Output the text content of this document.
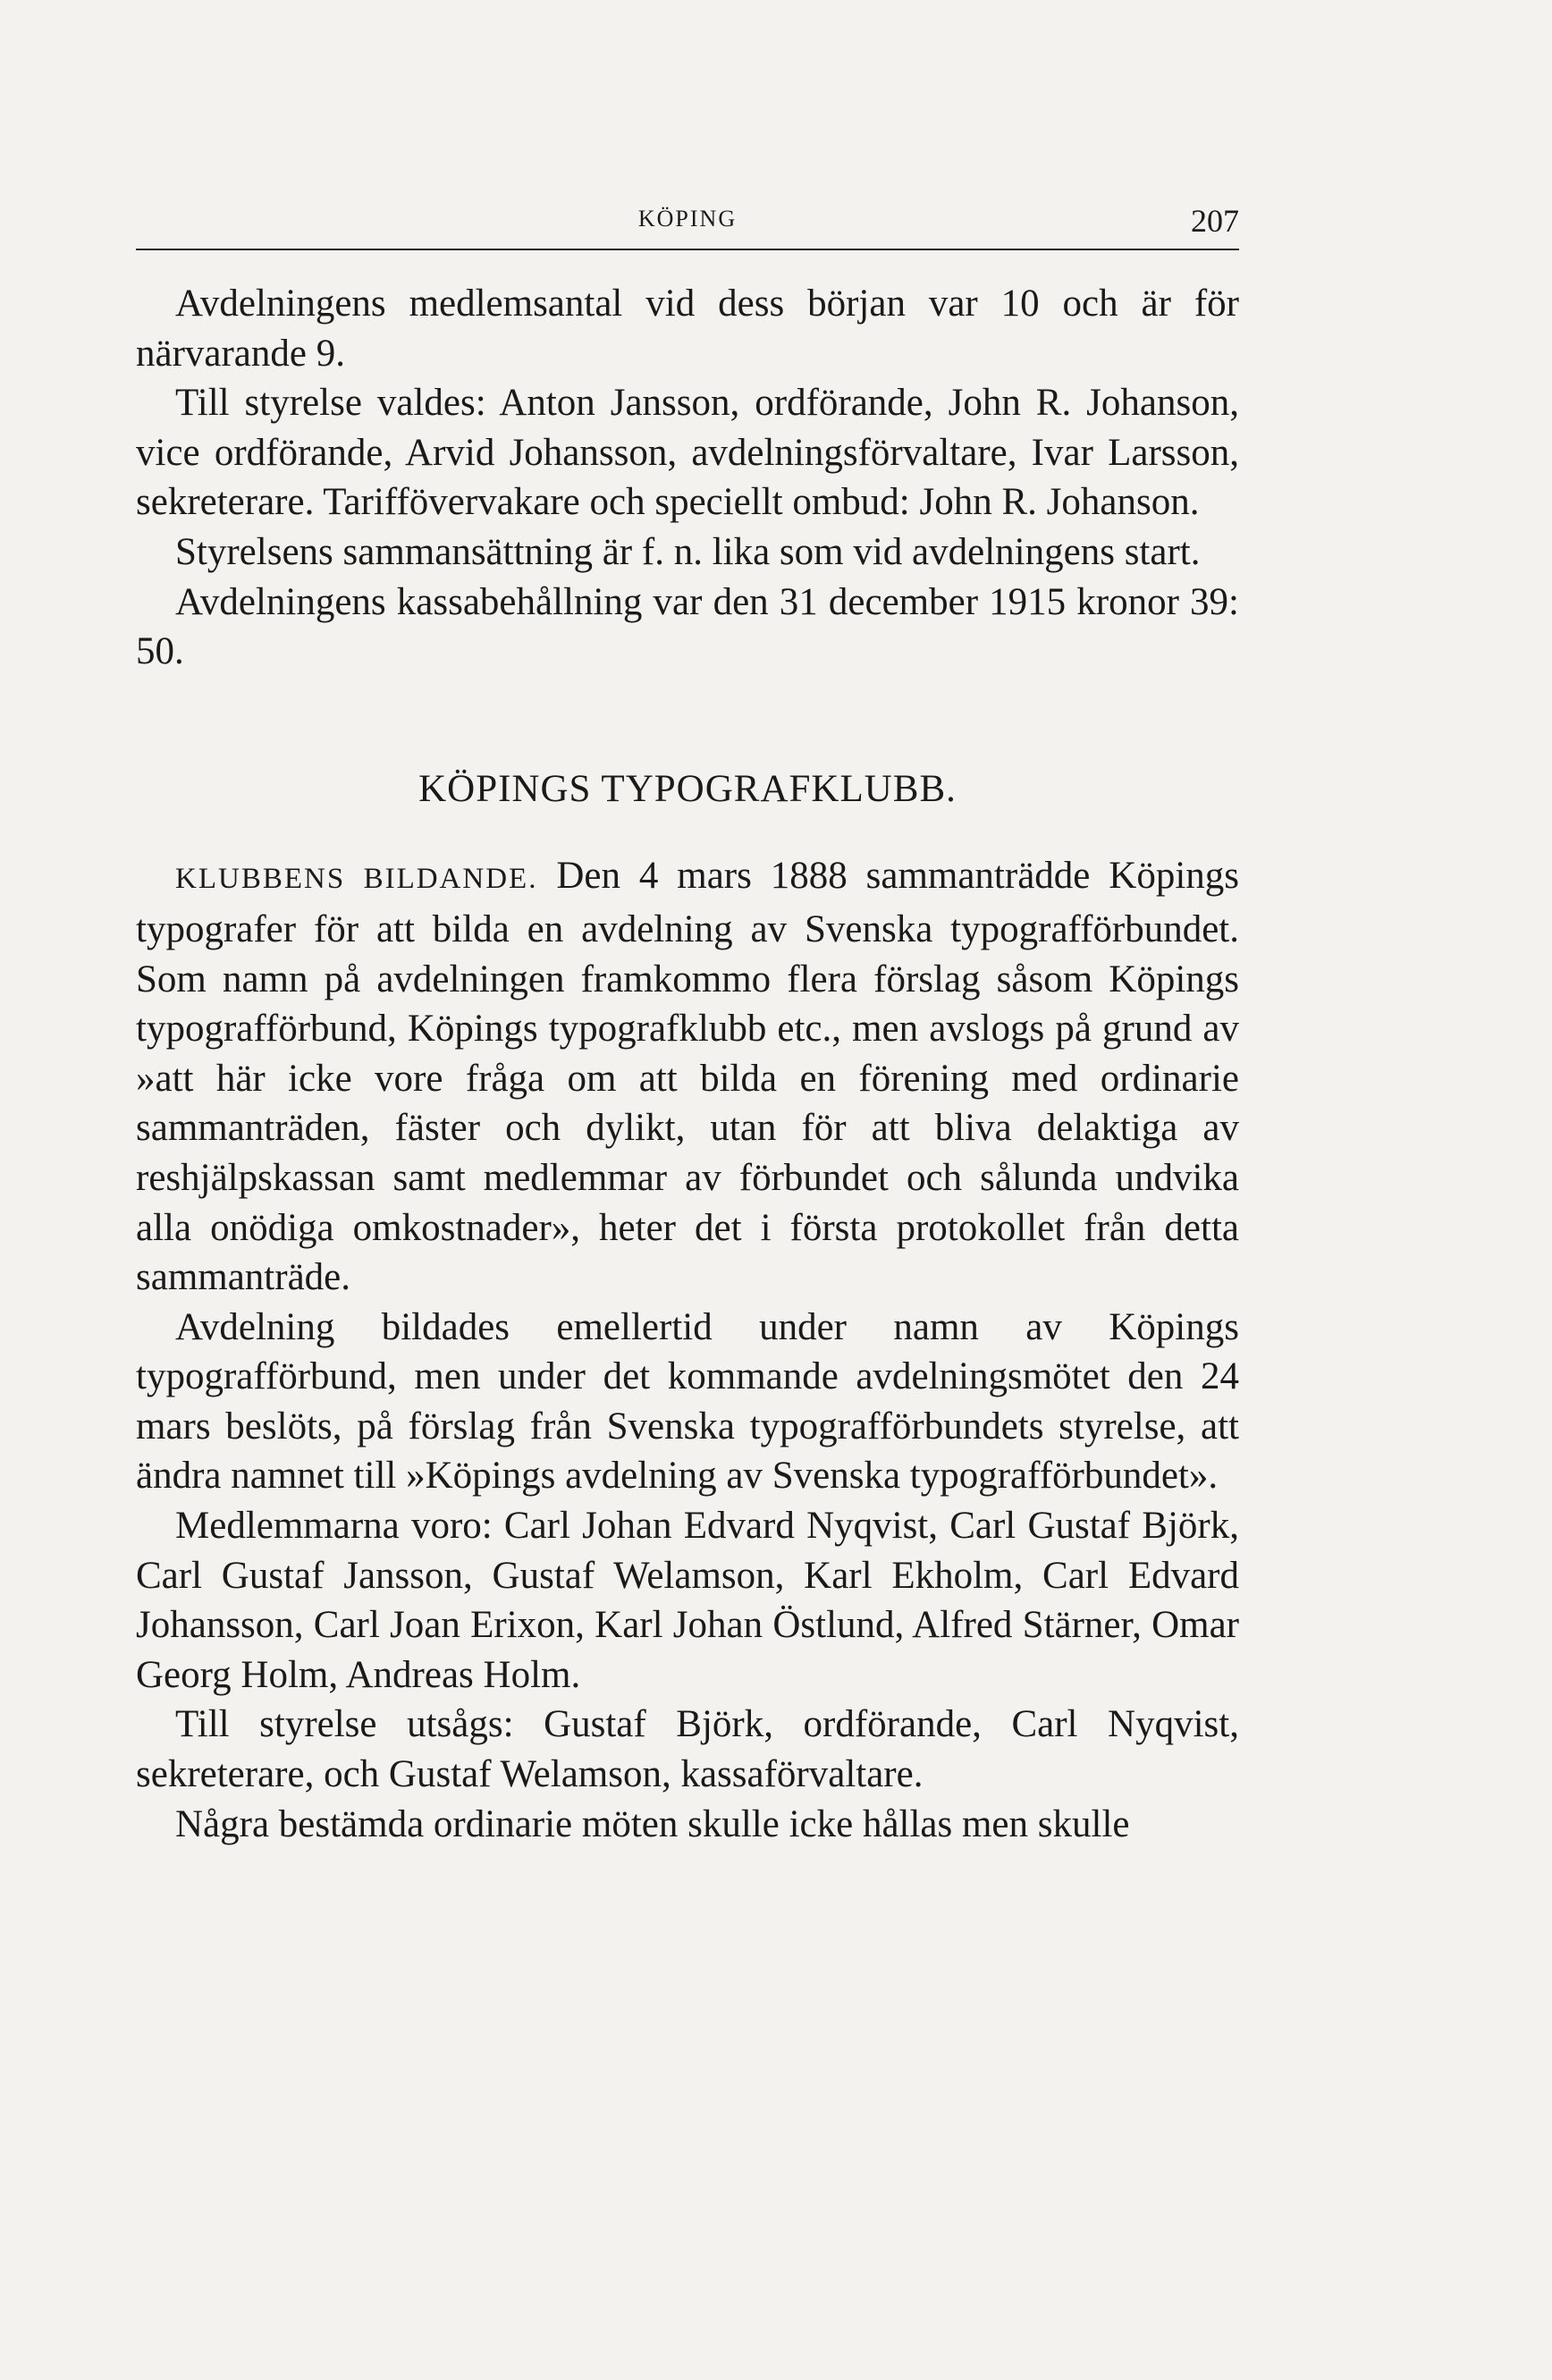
KÖPING	207

Avdelningens medlemsantal vid dess början var 10 och är för närvarande 9.

Till styrelse valdes: Anton Jansson, ordförande, John R. Johanson, vice ordförande, Arvid Johansson, avdelningsförvaltare, Ivar Larsson, sekreterare. Tariffövervakare och speciellt ombud: John R. Johanson.

Styrelsens sammansättning är f. n. lika som vid avdelningens start.

Avdelningens kassabehållning var den 31 december 1915 kronor 39: 50.

KÖPINGS TYPOGRAFKLUBB.

KLUBBENS BILDANDE. Den 4 mars 1888 sammanträdde Köpings typografer för att bilda en avdelning av Svenska typografförbundet. Som namn på avdelningen framkommo flera förslag såsom Köpings typografförbund, Köpings typografklubb etc., men avslogs på grund av »att här icke vore fråga om att bilda en förening med ordinarie sammanträden, fäster och dylikt, utan för att bliva delaktiga av reshjälpskassan samt medlemmar av förbundet och sålunda undvika alla onödiga omkostnader», heter det i första protokollet från detta sammanträde.

Avdelning bildades emellertid under namn av Köpings typografförbund, men under det kommande avdelningsmötet den 24 mars beslöts, på förslag från Svenska typografförbundets styrelse, att ändra namnet till »Köpings avdelning av Svenska typografförbundet».

Medlemmarna voro: Carl Johan Edvard Nyqvist, Carl Gustaf Björk, Carl Gustaf Jansson, Gustaf Welamson, Karl Ekholm, Carl Edvard Johansson, Carl Joan Erixon, Karl Johan Östlund, Alfred Stärner, Omar Georg Holm, Andreas Holm.

Till styrelse utsågs: Gustaf Björk, ordförande, Carl Nyqvist, sekreterare, och Gustaf Welamson, kassaförvaltare.

Några bestämda ordinarie möten skulle icke hållas men skulle
